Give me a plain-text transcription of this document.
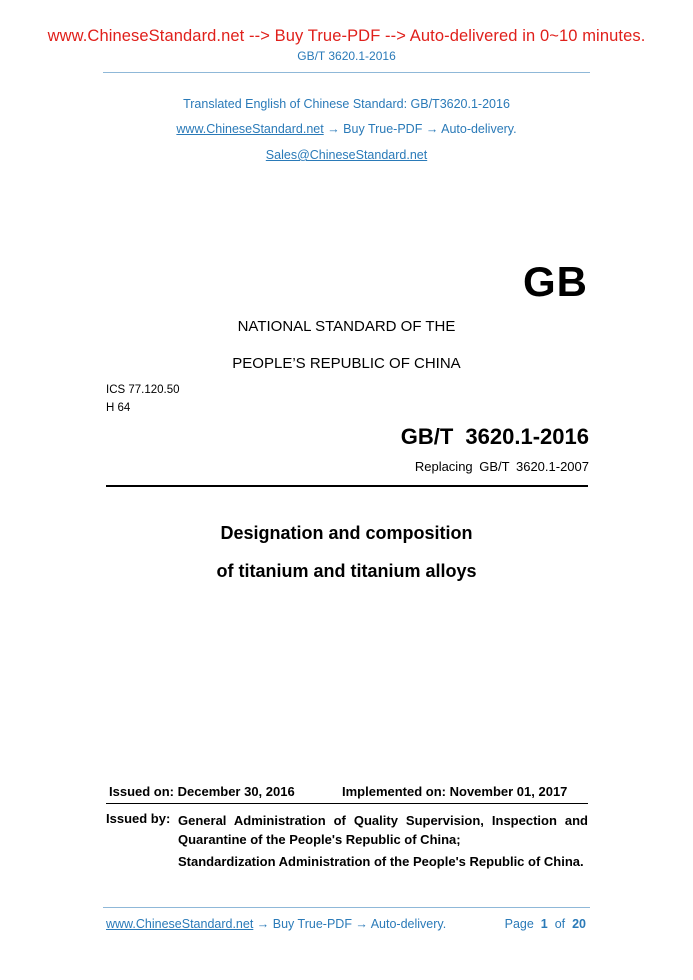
www.ChineseStandard.net --> Buy True-PDF --> Auto-delivered in 0~10 minutes.
GB/T 3620.1-2016
Translated English of Chinese Standard: GB/T3620.1-2016
www.ChineseStandard.net → Buy True-PDF → Auto-delivery.
Sales@ChineseStandard.net
GB
NATIONAL STANDARD OF THE
PEOPLE’S REPUBLIC OF CHINA
ICS 77.120.50
H 64
GB/T 3620.1-2016
Replacing GB/T 3620.1-2007
Designation and composition
of titanium and titanium alloys
Issued on: December 30, 2016	Implemented on: November 01, 2017
Issued by: General Administration of Quality Supervision, Inspection and Quarantine of the People's Republic of China;
Standardization Administration of the People's Republic of China.
www.ChineseStandard.net → Buy True-PDF → Auto-delivery.	Page 1 of 20
